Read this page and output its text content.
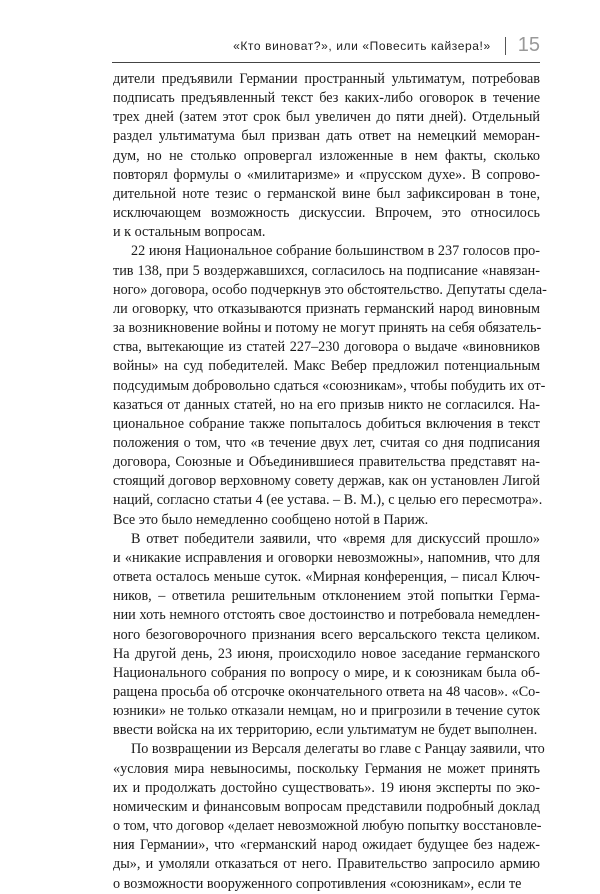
«Кто виноват?», или «Повесить кайзера!» 15

дители предъявили Германии пространный ультиматум, потребовав
подписать предъявленный текст без каких-либо оговорок в течение
трех дней (затем этот срок был увеличен до пяти дней). Отдельный
раздел ультиматума был призван дать ответ на немецкий меморан-
дум, но не столько опровергал изложенные в нем факты, сколько
повторял формулы о «милитаризме» и «прусском духе». В сопрово-
дительной ноте тезис о германской вине был зафиксирован в тоне,
исключающем возможность дискуссии. Впрочем, это относилось
и к остальным вопросам.

22 июня Национальное собрание большинством в 237 голосов про-
тив 138, при 5 воздержавшихся, согласилось на подписание «навязан-
ного» договора, особо подчеркнув это обстоятельство. Депутаты сдела-
ли оговорку, что отказываются признать германский народ виновным
за возникновение войны и потому не могут принять на себя обязатель-
ства, вытекающие из статей 227–230 договора о выдаче «виновников
войны» на суд победителей. Макс Вебер предложил потенциальным
подсудимым добровольно сдаться «союзникам», чтобы побудить их от-
казаться от данных статей, но на его призыв никто не согласился. На-
циональное собрание также попыталось добиться включения в текст
положения о том, что «в течение двух лет, считая со дня подписания
договора, Союзные и Объединившиеся правительства представят на-
стоящий договор верховному совету держав, как он установлен Лигой
наций, согласно статьи 4 (ее устава. – В. М.), с целью его пересмотра».
Все это было немедленно сообщено нотой в Париж.

В ответ победители заявили, что «время для дискуссий прошло»
и «никакие исправления и оговорки невозможны», напомнив, что для
ответа осталось меньше суток. «Мирная конференция, – писал Ключ-
ников, – ответила решительным отклонением этой попытки Герма-
нии хоть немного отстоять свое достоинство и потребовала немедлен-
ного безоговорочного признания всего версальского текста целиком.
На другой день, 23 июня, происходило новое заседание германского
Национального собрания по вопросу о мире, и к союзникам была об-
ращена просьба об отсрочке окончательного ответа на 48 часов». «Со-
юзники» не только отказали немцам, но и пригрозили в течение суток
ввести войска на их территорию, если ультиматум не будет выполнен.

По возвращении из Версаля делегаты во главе с Ранцау заявили, что
«условия мира невыносимы, поскольку Германия не может принять
их и продолжать достойно существовать». 19 июня эксперты по эко-
номическим и финансовым вопросам представили подробный доклад
о том, что договор «делает невозможной любую попытку восстановле-
ния Германии», что «германский народ ожидает будущее без надеж-
ды», и умоляли отказаться от него. Правительство запросило армию
о возможности вооруженного сопротивления «союзникам», если те
